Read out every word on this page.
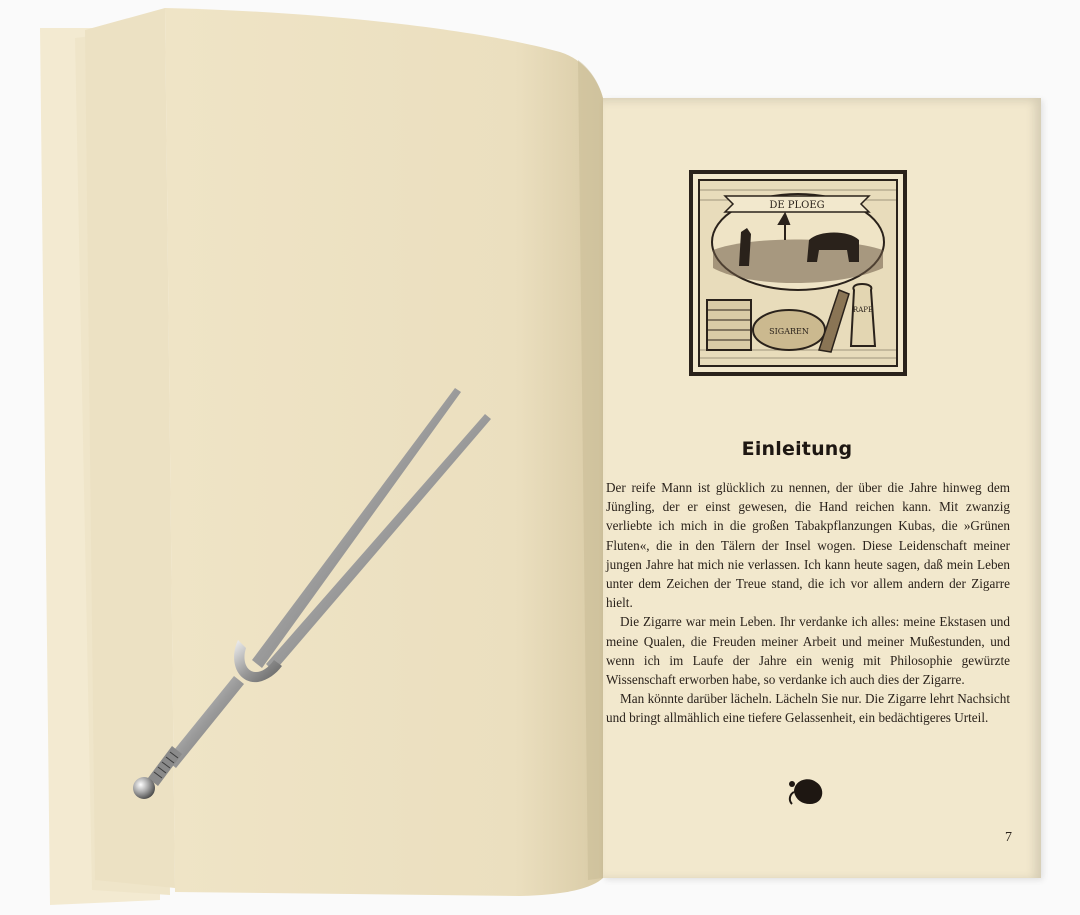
DE PLOEG
SIGAREN
RAPE
Einleitung

Der reife Mann ist glücklich zu nennen, der über die Jahre hinweg dem Jüngling, der er einst gewesen, die Hand reichen kann. Mit zwanzig verliebte ich mich in die großen Tabakpflanzungen Kubas, die »Grünen Fluten«, die in den Tälern der Insel wogen. Diese Leidenschaft meiner jungen Jahre hat mich nie verlassen. Ich kann heute sagen, daß mein Leben unter dem Zeichen der Treue stand, die ich vor allem andern der Zigarre hielt.

Die Zigarre war mein Leben. Ihr verdanke ich alles: meine Ekstasen und meine Qualen, die Freuden meiner Arbeit und meiner Mußestunden, und wenn ich im Laufe der Jahre ein wenig mit Philosophie gewürzte Wissenschaft erworben habe, so verdanke ich auch dies der Zigarre.

Man könnte darüber lächeln. Lächeln Sie nur. Die Zigarre lehrt Nachsicht und bringt allmählich eine tiefere Gelassenheit, ein bedächtigeres Urteil.

7
